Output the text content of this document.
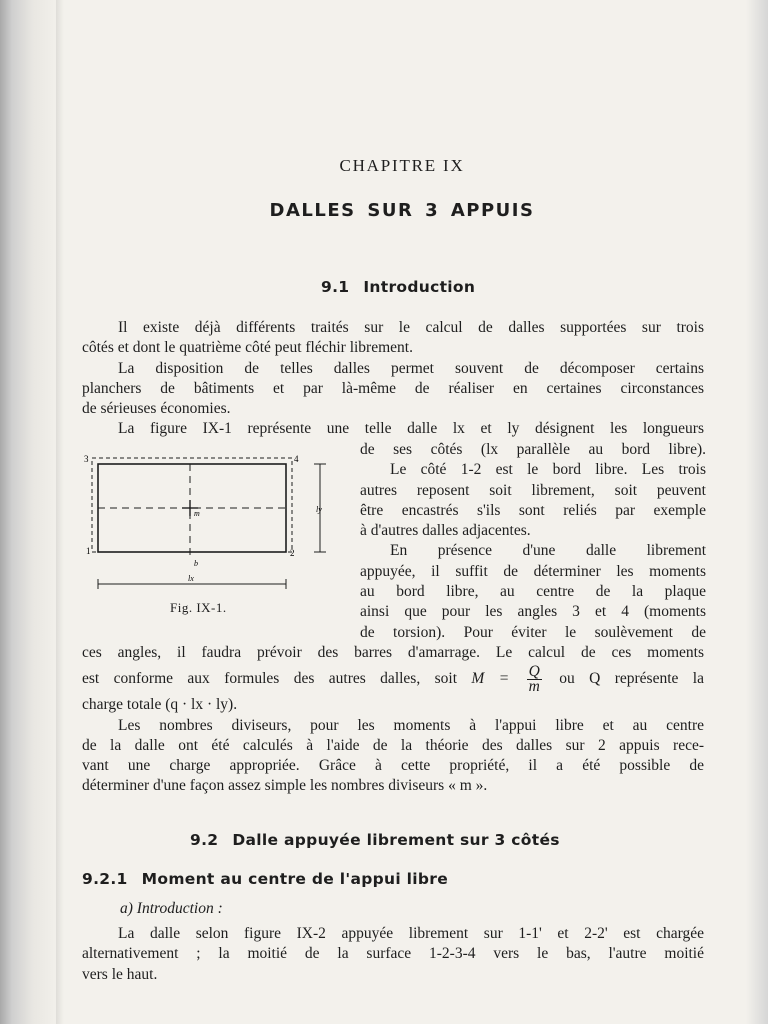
CHAPITRE IX
DALLES SUR 3 APPUIS
9.1 Introduction
Il existe déjà différents traités sur le calcul de dalles supportées sur trois
côtés et dont le quatrième côté peut fléchir librement.
La disposition de telles dalles permet souvent de décomposer certains
planchers de bâtiments et par là-même de réaliser en certaines circonstances
de sérieuses économies.
La figure IX-1 représente une telle dalle lx et ly désignent les longueurs
de ses côtés (lx parallèle au bord libre).
Le côté 1-2 est le bord libre. Les trois
autres reposent soit librement, soit peuvent
être encastrés s'ils sont reliés par exemple
à d'autres dalles adjacentes.
En présence d'une dalle librement
appuyée, il suffit de déterminer les moments
au bord libre, au centre de la plaque
ainsi que pour les angles 3 et 4 (moments
de torsion). Pour éviter le soulèvement de
3	4
1	2
m
b
ly
lx
Fig. IX-1.
ces angles, il faudra prévoir des barres d'amarrage. Le calcul de ces moments
est conforme aux formules des autres dalles, soit $M = \frac{Q}{m}$ ou Q représente la
charge totale (q · lx · ly).
Les nombres diviseurs, pour les moments à l'appui libre et au centre
de la dalle ont été calculés à l'aide de la théorie des dalles sur 2 appuis rece-
vant une charge appropriée. Grâce à cette propriété, il a été possible de
déterminer d'une façon assez simple les nombres diviseurs « m ».
9.2 Dalle appuyée librement sur 3 côtés
9.2.1 Moment au centre de l'appui libre
a) Introduction :
La dalle selon figure IX-2 appuyée librement sur 1-1' et 2-2' est chargée
alternativement ; la moitié de la surface 1-2-3-4 vers le bas, l'autre moitié
vers le haut.
